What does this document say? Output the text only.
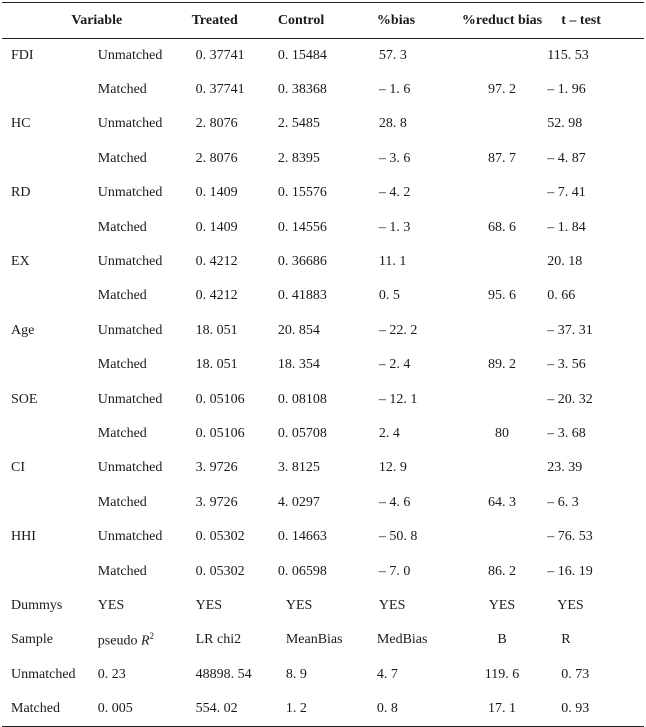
Variable		Treated	Control	%bias	%reduct bias	t – test
FDI	Unmatched	0. 37741	0. 15484	57. 3		115. 53
	Matched	0. 37741	0. 38368	– 1. 6	97. 2	– 1. 96
HC	Unmatched	2. 8076	2. 5485	28. 8		52. 98
	Matched	2. 8076	2. 8395	– 3. 6	87. 7	– 4. 87
RD	Unmatched	0. 1409	0. 15576	– 4. 2		– 7. 41
	Matched	0. 1409	0. 14556	– 1. 3	68. 6	– 1. 84
EX	Unmatched	0. 4212	0. 36686	11. 1		20. 18
	Matched	0. 4212	0. 41883	0. 5	95. 6	0. 66
Age	Unmatched	18. 051	20. 854	– 22. 2		– 37. 31
	Matched	18. 051	18. 354	– 2. 4	89. 2	– 3. 56
SOE	Unmatched	0. 05106	0. 08108	– 12. 1		– 20. 32
	Matched	0. 05106	0. 05708	2. 4	80	– 3. 68
CI	Unmatched	3. 9726	3. 8125	12. 9		23. 39
	Matched	3. 9726	4. 0297	– 4. 6	64. 3	– 6. 3
HHI	Unmatched	0. 05302	0. 14663	– 50. 8		– 76. 53
	Matched	0. 05302	0. 06598	– 7. 0	86. 2	– 16. 19
Dummys	YES	YES	YES	YES	YES	YES
Sample	pseudo $R^2$	LR chi2	MeanBias	MedBias	B	R
Unmatched	0. 23	48898. 54	8. 9	4. 7	119. 6	0. 73
Matched	0. 005	554. 02	1. 2	0. 8	17. 1	0. 93
